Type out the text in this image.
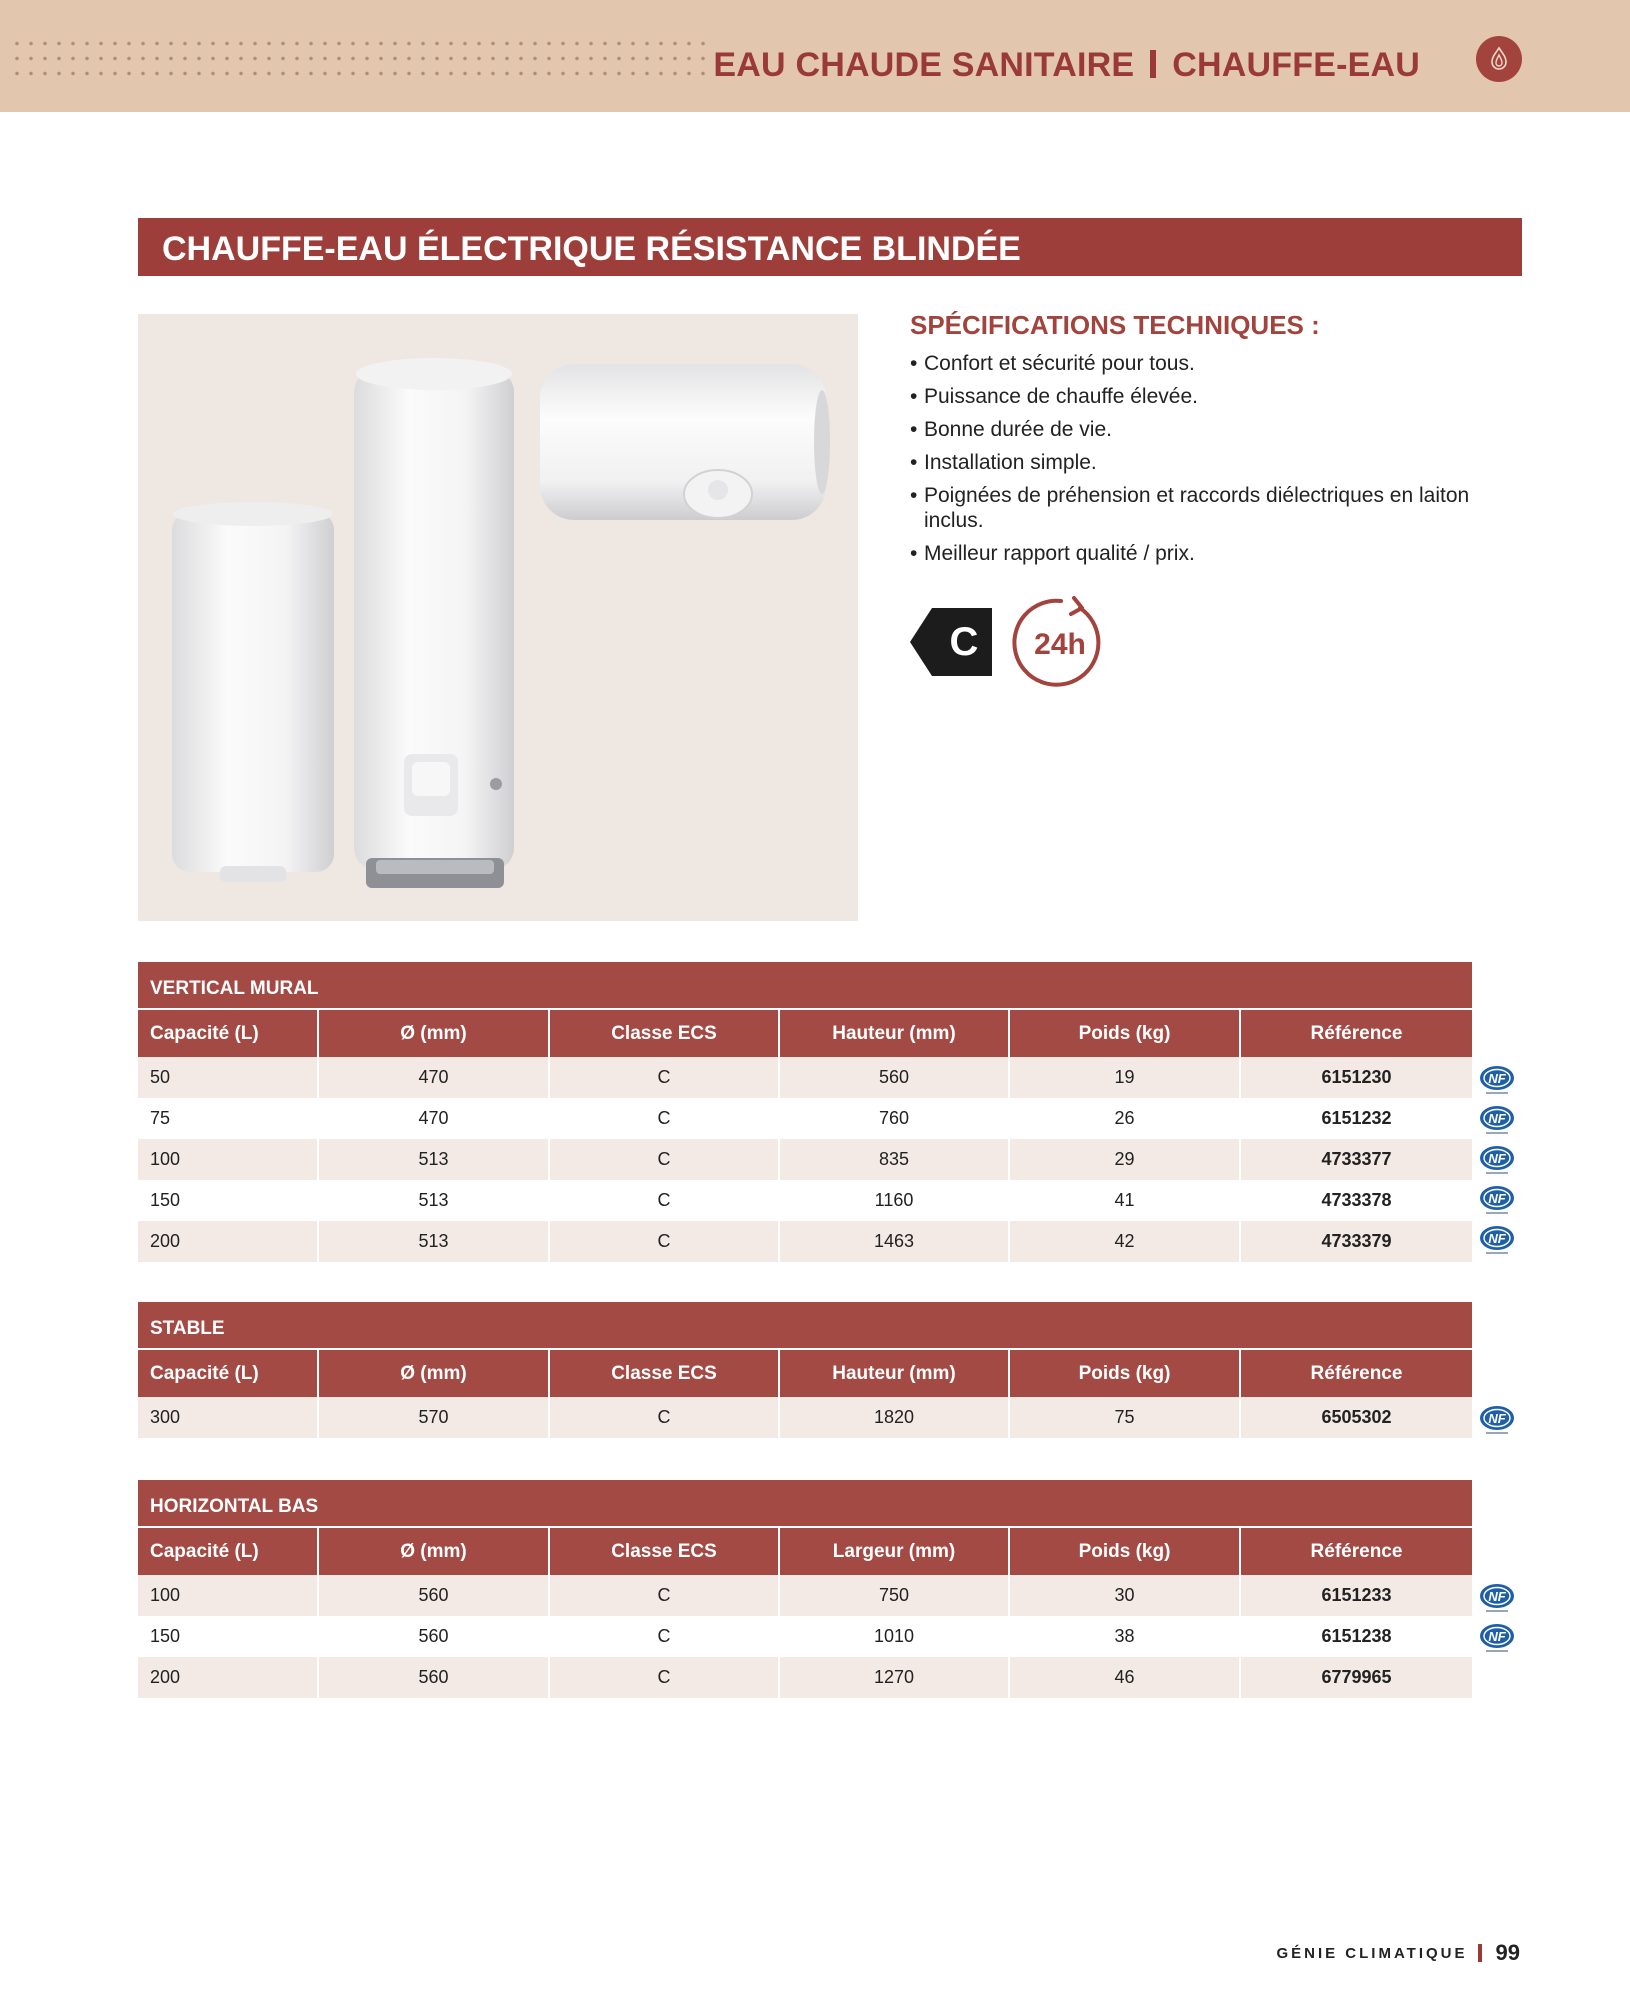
EAU CHAUDE SANITAIRE CHAUFFE-EAU
CHAUFFE-EAU ÉLECTRIQUE RÉSISTANCE BLINDÉE
SPÉCIFICATIONS TECHNIQUES :
• Confort et sécurité pour tous.
• Puissance de chauffe élevée.
• Bonne durée de vie.
• Installation simple.
• Poignées de préhension et raccords diélectriques en laiton inclus.
• Meilleur rapport qualité / prix.
C 24h
VERTICAL MURAL
Capacité (L)	Ø (mm)	Classe ECS	Hauteur (mm)	Poids (kg)	Référence
50	470	C	560	19	6151230
75	470	C	760	26	6151232
100	513	C	835	29	4733377
150	513	C	1160	41	4733378
200	513	C	1463	42	4733379
STABLE
Capacité (L)	Ø (mm)	Classe ECS	Hauteur (mm)	Poids (kg)	Référence
300	570	C	1820	75	6505302
HORIZONTAL BAS
Capacité (L)	Ø (mm)	Classe ECS	Largeur (mm)	Poids (kg)	Référence
100	560	C	750	30	6151233
150	560	C	1010	38	6151238
200	560	C	1270	46	6779965
NF
NF
NF
NF
NF
NF
NF
NF
GÉNIE CLIMATIQUE 99
